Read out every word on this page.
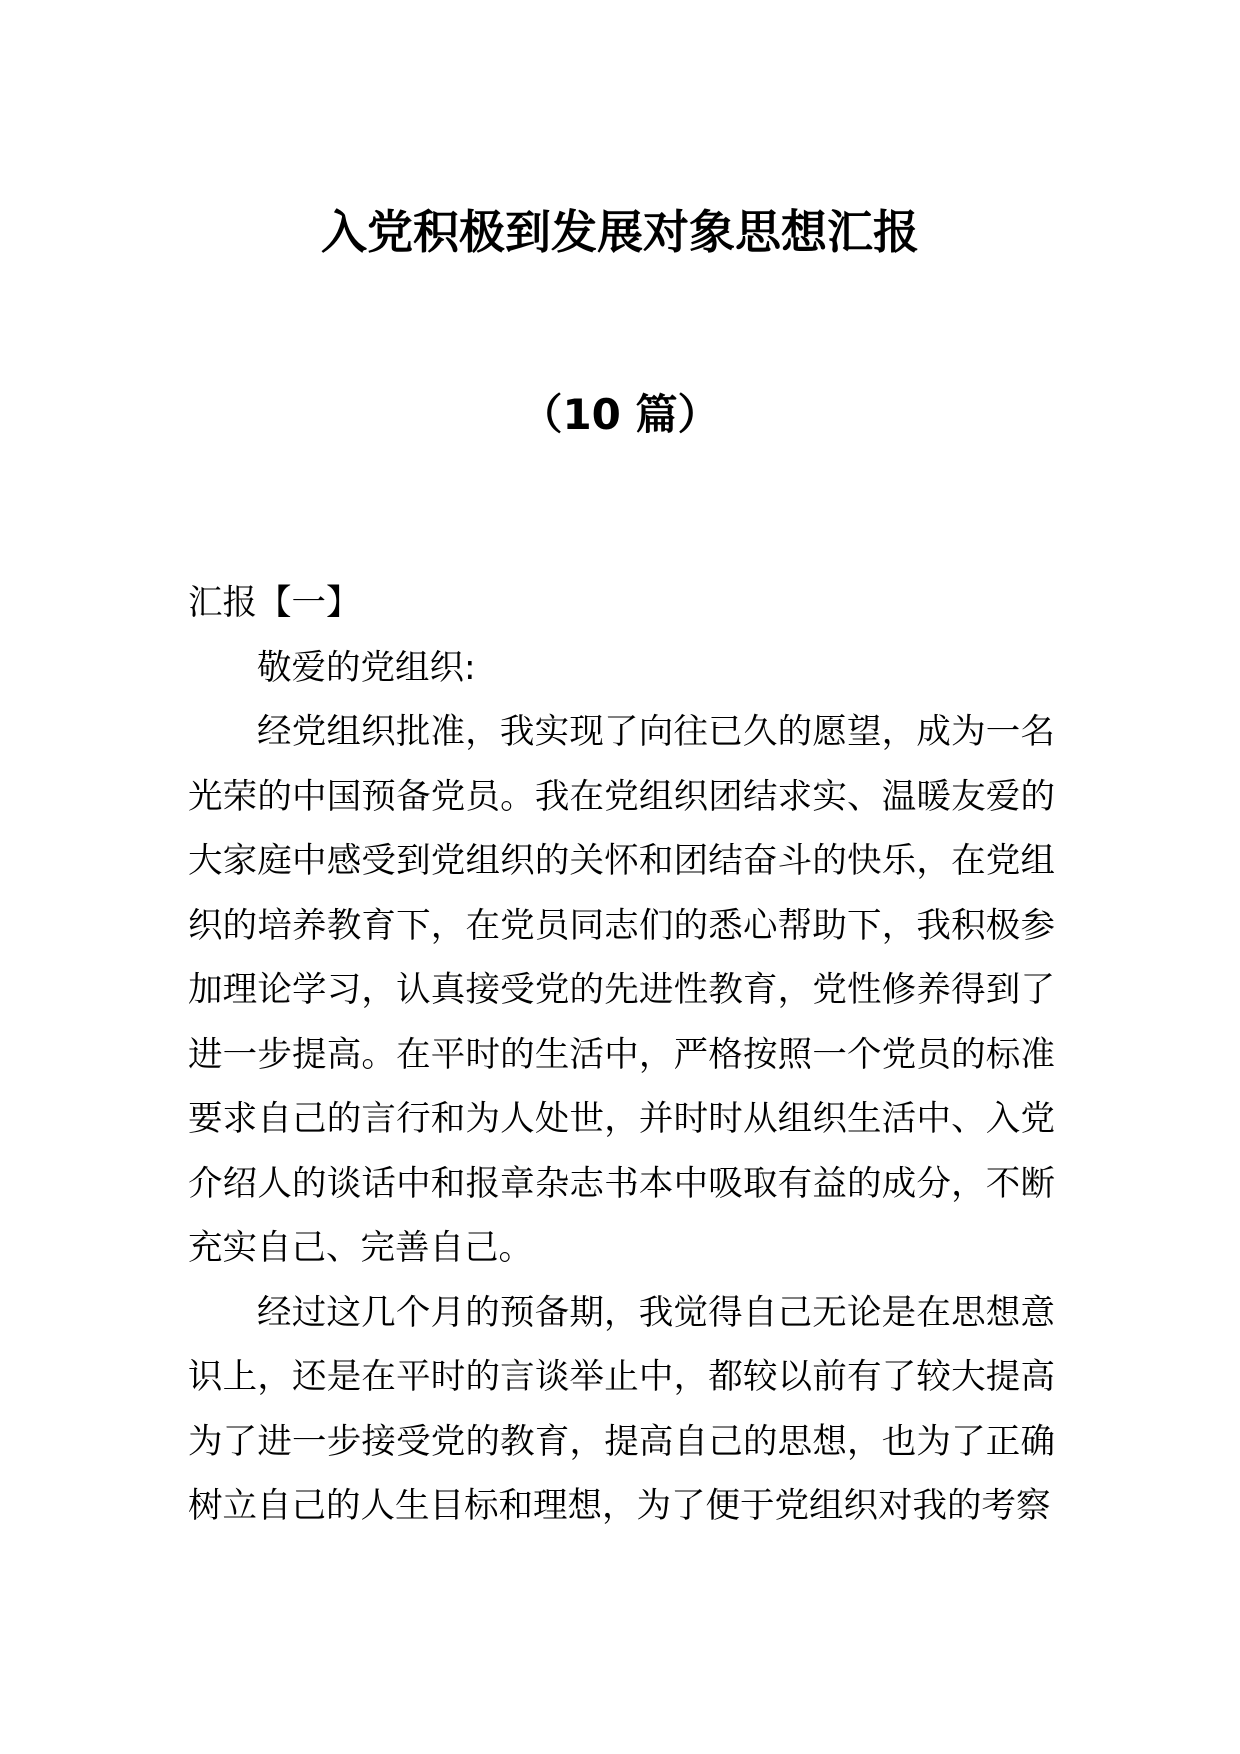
入党积极到发展对象思想汇报
（10 篇）

汇报【一】

敬爱的党组织:

经党组织批准，我实现了向往已久的愿望，成为一名光荣的中国预备党员。我在党组织团结求实、温暖友爱的大家庭中感受到党组织的关怀和团结奋斗的快乐，在党组织的培养教育下，在党员同志们的悉心帮助下，我积极参加理论学习，认真接受党的先进性教育，党性修养得到了进一步提高。在平时的生活中，严格按照一个党员的标准要求自己的言行和为人处世，并时时从组织生活中、入党介绍人的谈话中和报章杂志书本中吸取有益的成分，不断充实自己、完善自己。

经过这几个月的预备期，我觉得自己无论是在思想意识上，还是在平时的言谈举止中，都较以前有了较大提高为了进一步接受党的教育，提高自己的思想，也为了正确树立自己的人生目标和理想，为了便于党组织对我的考察
